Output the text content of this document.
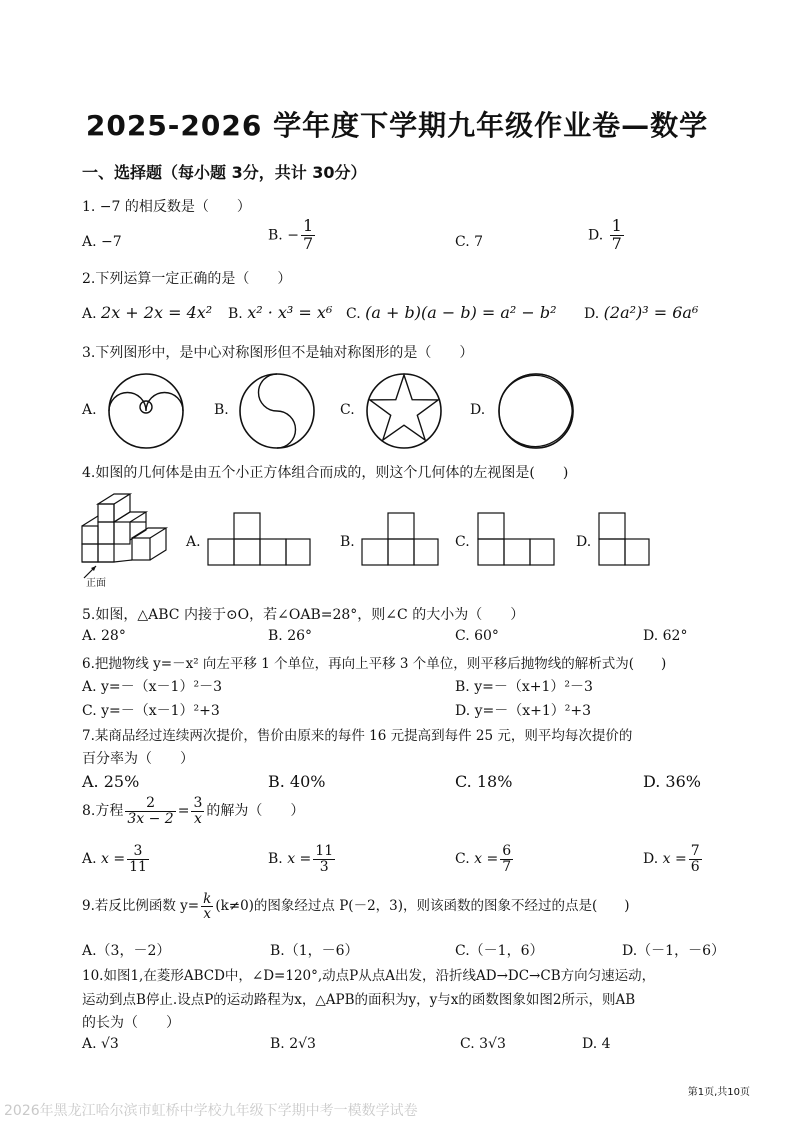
2025-2026 学年度下学期九年级作业卷—数学
一、选择题（每小题 3分，共计 30分）
1. −7 的相反数是（　　）
A. −7	B. − $\frac{1}{7}$	C. 7	D. $\frac{1}{7}$
2.下列运算一定正确的是（　　）
A. 2x + 2x = 4x² B. x² · x³ = x⁶ C. (a + b)(a − b) = a² − b² D. (2a²)³ = 6a⁶
3.下列图形中，是中心对称图形但不是轴对称图形的是（　　）
A.	B.	C.	D.
4.如图的几何体是由五个小正方体组合而成的，则这个几何体的左视图是(　　)
正面
A.	B.	C.	D.
5.如图，△ABC 内接于⊙O，若∠OAB=28°，则∠C 的大小为（　　）
A. 28°	B. 26°	C. 60°	D. 62°
6.把抛物线 y=－x² 向左平移 1 个单位，再向上平移 3 个单位，则平移后抛物线的解析式为(　　)
A. y=－（x－1）²－3	B. y=－（x+1）²－3
C. y=－（x－1）²+3	D. y=－（x+1）²+3
7.某商品经过连续两次提价，售价由原来的每件 16 元提高到每件 25 元，则平均每次提价的
百分率为（　　）
A. 25%	B. 40%	C. 18%	D. 36%
8.方程 $\frac{2}{3x - 2} = \frac{3}{x}$ 的解为（　　）
A. $x = \frac{3}{11}$	B. $x = \frac{11}{3}$	C. $x = \frac{6}{7}$	D. $x = \frac{7}{6}$
9.若反比例函数 $y= \frac{k}{x} (k\ne 0)$的图象经过点 P(－2，3)，则该函数的图象不经过的点是(　　)
A.（3，－2）	B.（1，－6）	C.（－1，6）	D.（－1，－6）
10.如图1,在菱形ABCD中，∠D=120°,动点P从点A出发，沿折线AD→DC→CB方向匀速运动，
运动到点B停止.设点P的运动路程为x，△APB的面积为y，y与x的函数图象如图2所示，则AB
的长为（　　）
A. √3	B. 2√3	C. 3√3	D. 4
第1页,共10页
2026年黑龙江哈尔滨市虹桥中学校九年级下学期中考一模数学试卷
